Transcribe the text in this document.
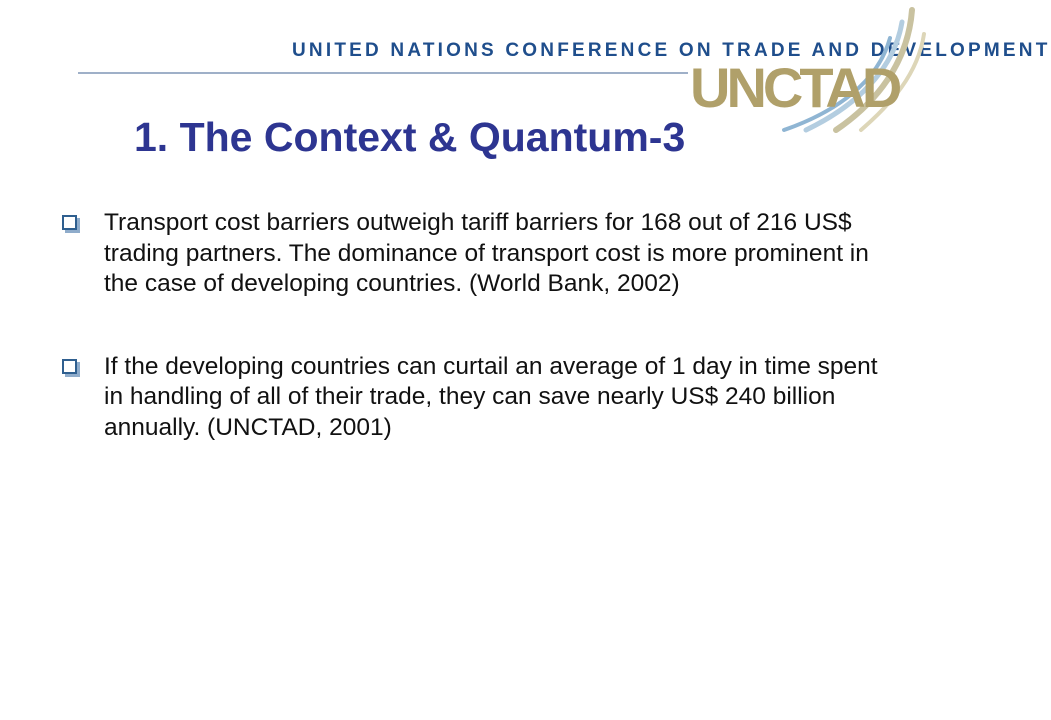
UNITED NATIONS CONFERENCE ON TRADE AND DEVELOPMENT
UNCTAD
1. The Context & Quantum-3
Transport cost barriers outweigh tariff barriers for 168 out of 216 US$ trading partners. The dominance of transport cost is more prominent in the case of developing countries. (World Bank, 2002)
If the developing countries can curtail an average of 1 day in time spent in handling of all of their trade, they can save nearly US$ 240 billion annually. (UNCTAD, 2001)
